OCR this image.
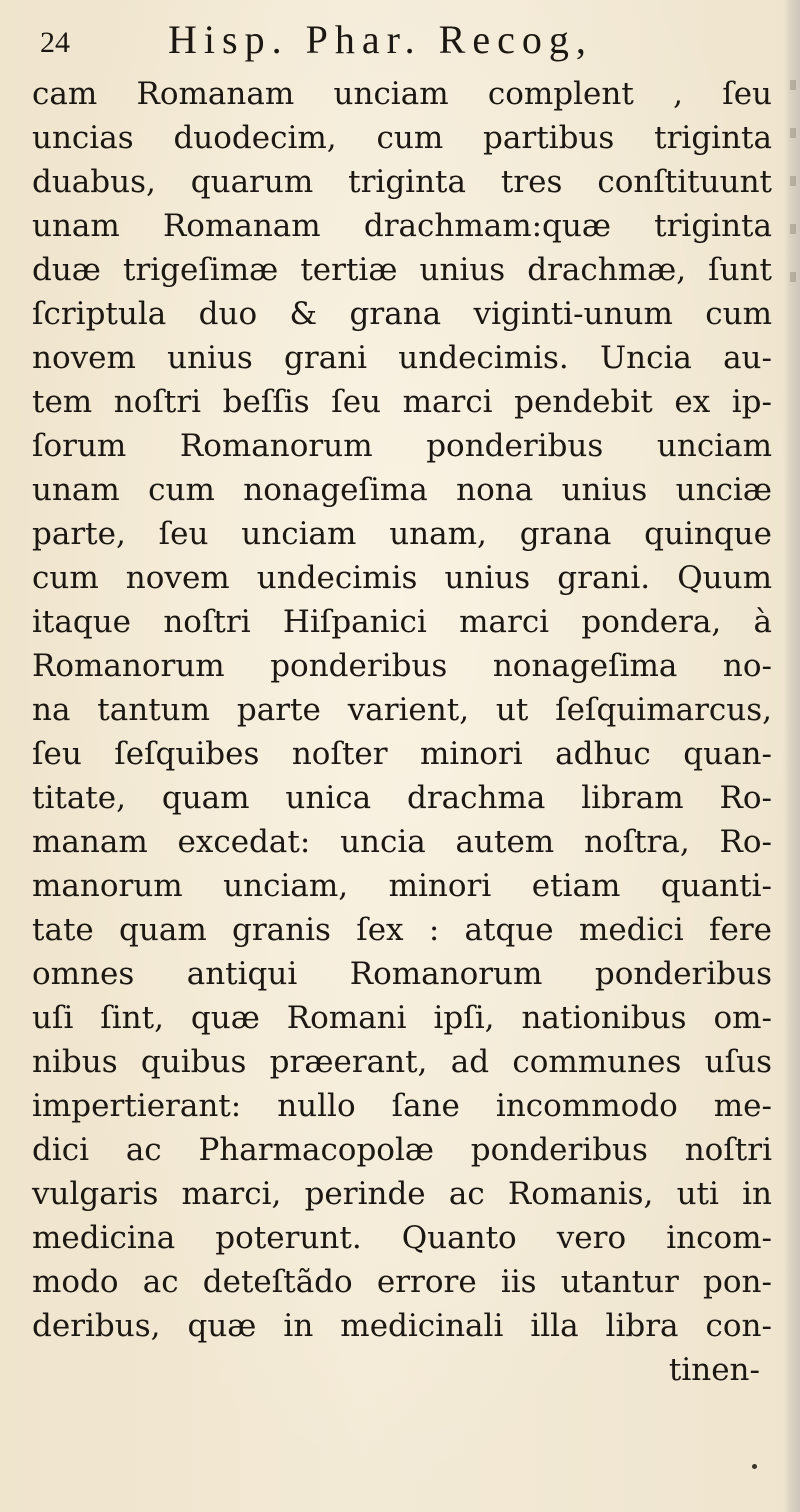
24 Hisp. Phar. Recog,
cam Romanam unciam complent , ſeu
uncias duodecim, cum partibus triginta
duabus, quarum triginta tres conſtituunt
unam Romanam drachmam:quæ triginta
duæ trigeſimæ tertiæ unius drachmæ, ſunt
ſcriptula duo & grana viginti-unum cum
novem unius grani undecimis. Uncia au-
tem noſtri beſſis ſeu marci pendebit ex ip-
ſorum Romanorum ponderibus unciam
unam cum nonageſima nona unius unciæ
parte, ſeu unciam unam, grana quinque
cum novem undecimis unius grani. Quum
itaque noſtri Hiſpanici marci pondera, à
Romanorum ponderibus nonageſima no-
na tantum parte varient, ut ſeſquimarcus,
ſeu ſeſquibes noſter minori adhuc quan-
titate, quam unica drachma libram Ro-
manam excedat: uncia autem noſtra, Ro-
manorum unciam, minori etiam quanti-
tate quam granis ſex : atque medici fere
omnes antiqui Romanorum ponderibus
uſi ſint, quæ Romani ipſi, nationibus om-
nibus quibus præerant, ad communes uſus
impertierant: nullo ſane incommodo me-
dici ac Pharmacopolæ ponderibus noſtri
vulgaris marci, perinde ac Romanis, uti in
medicina poterunt. Quanto vero incom-
modo ac deteſtãdo errore iis utantur pon-
deribus, quæ in medicinali illa libra con-
tinen-
